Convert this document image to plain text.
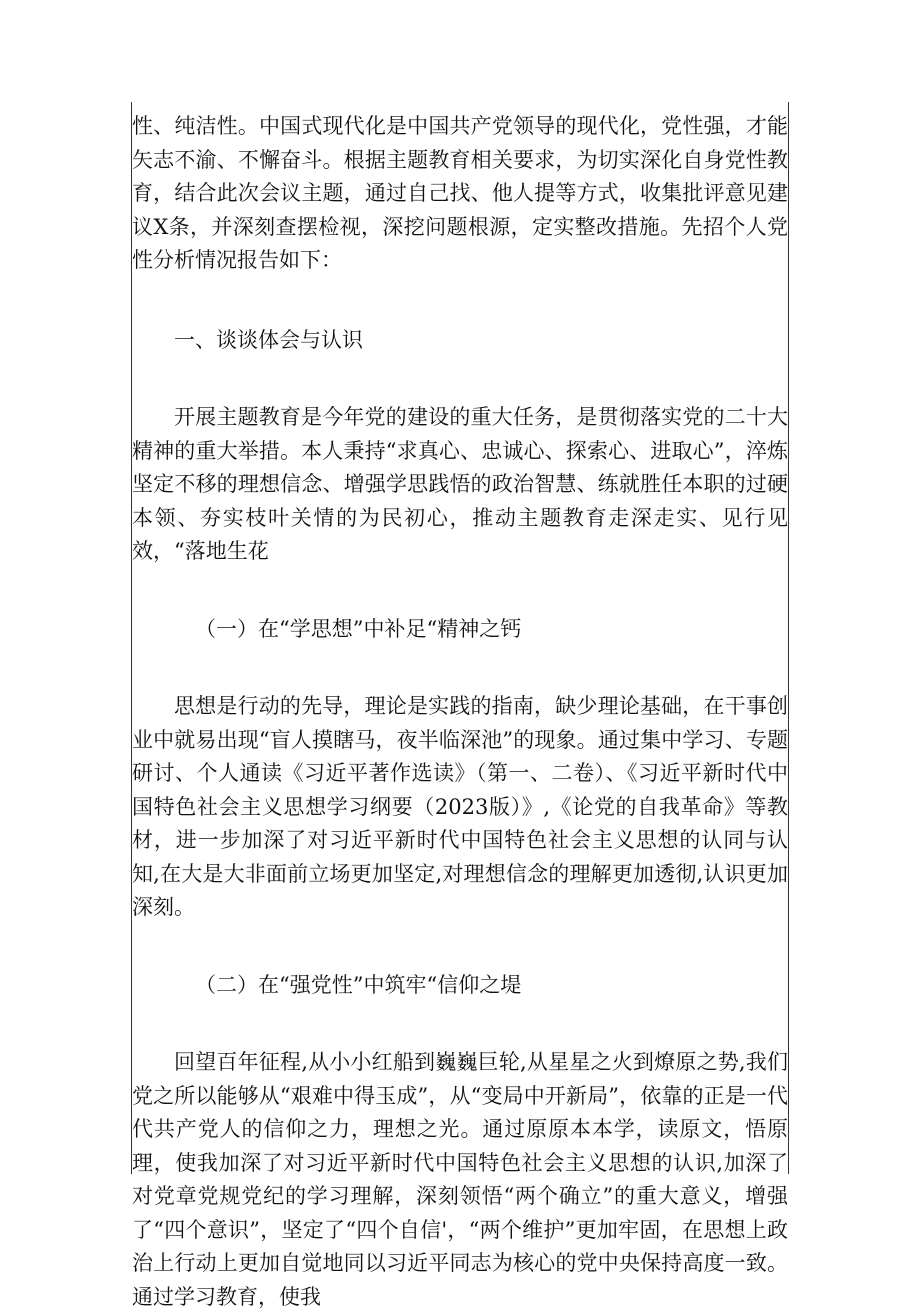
性、纯洁性。中国式现代化是中国共产党领导的现代化，党性强，才能矢志不渝、不懈奋斗。根据主题教育相关要求，为切实深化自身党性教育，结合此次会议主题，通过自己找、他人提等方式，收集批评意见建议X条，并深刻查摆检视，深挖问题根源，定实整改措施。先招个人党性分析情况报告如下：

一、谈谈体会与认识

开展主题教育是今年党的建设的重大任务，是贯彻落实党的二十大精神的重大举措。本人秉持“求真心、忠诚心、探索心、进取心”，淬炼坚定不移的理想信念、增强学思践悟的政治智慧、练就胜任本职的过硬本领、夯实枝叶关情的为民初心，推动主题教育走深走实、见行见效，“落地生花

（一）在“学思想”中补足“精神之钙

思想是行动的先导，理论是实践的指南，缺少理论基础，在干事创业中就易出现“盲人摸瞎马，夜半临深池”的现象。通过集中学习、专题研讨、个人通读《习近平著作选读》（第一、二卷）、《习近平新时代中国特色社会主义思想学习纲要（2023版）》,《论党的自我革命》等教材，进一步加深了对习近平新时代中国特色社会主义思想的认同与认知,在大是大非面前立场更加坚定,对理想信念的理解更加透彻,认识更加深刻。

（二）在“强党性”中筑牢“信仰之堤

回望百年征程,从小小红船到巍巍巨轮,从星星之火到燎原之势,我们党之所以能够从“艰难中得玉成”，从“变局中开新局”，依靠的正是一代代共产党人的信仰之力，理想之光。通过原原本本学，读原文，悟原理，使我加深了对习近平新时代中国特色社会主义思想的认识,加深了对党章党规党纪的学习理解，深刻领悟“两个确立”的重大意义，增强了“四个意识”，坚定了“四个自信'，“两个维护”更加牢固，在思想上政治上行动上更加自觉地同以习近平同志为核心的党中央保持高度一致。通过学习教育，使我
